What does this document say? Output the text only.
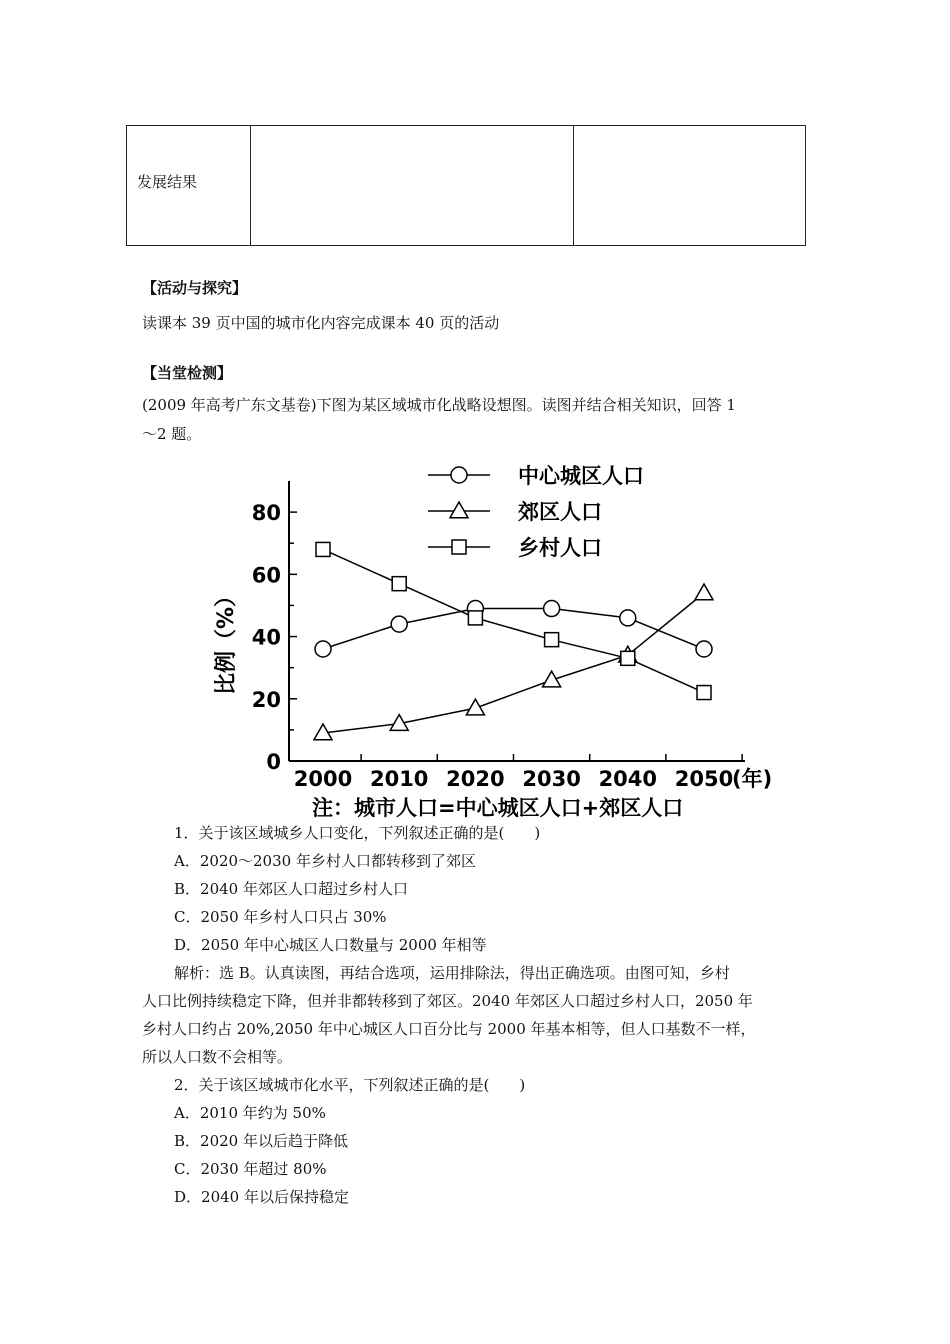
发展结果
【活动与探究】
读课本 39 页中国的城市化内容完成课本 40 页的活动
【当堂检测】
(2009 年高考广东文基卷)下图为某区域城市化战略设想图。读图并结合相关知识，回答 1
～2 题。
中心城区人口
郊区人口
乡村人口
0
20
40
60
80
2000 2010 2020 2030 2040 2050
(年)
比例（%）
注：城市人口=中心城区人口+郊区人口
1．关于该区域城乡人口变化，下列叙述正确的是(　　)
A．2020～2030 年乡村人口都转移到了郊区
B．2040 年郊区人口超过乡村人口
C．2050 年乡村人口只占 30%
D．2050 年中心城区人口数量与 2000 年相等
解析：选 B。认真读图，再结合选项，运用排除法，得出正确选项。由图可知，乡村
人口比例持续稳定下降，但并非都转移到了郊区。2040 年郊区人口超过乡村人口，2050 年
乡村人口约占 20%,2050 年中心城区人口百分比与 2000 年基本相等，但人口基数不一样，
所以人口数不会相等。
2．关于该区域城市化水平，下列叙述正确的是(　　)
A．2010 年约为 50%
B．2020 年以后趋于降低
C．2030 年超过 80%
D．2040 年以后保持稳定
